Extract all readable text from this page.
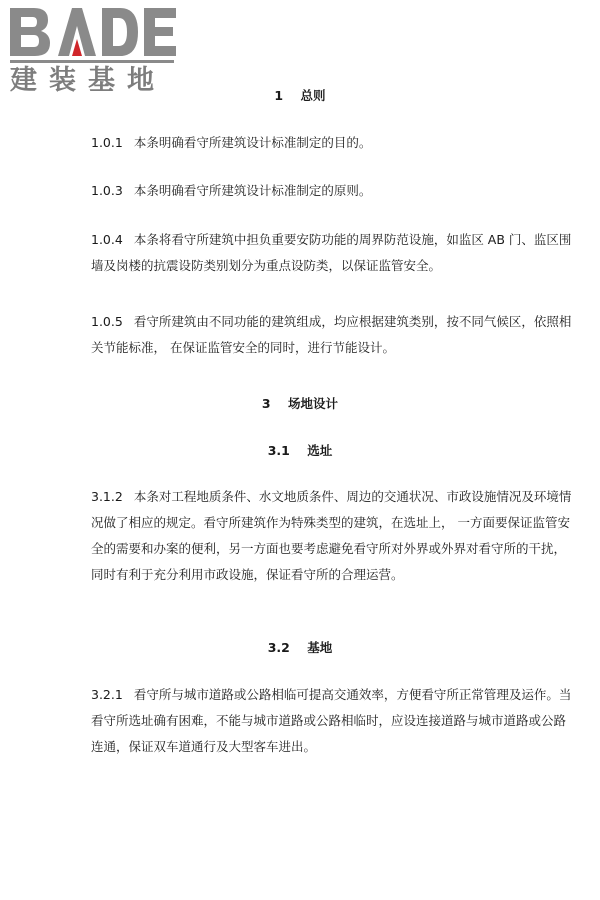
建装基地	1 总则
1.0.1 本条明确看守所建筑设计标准制定的目的。
1.0.3 本条明确看守所建筑设计标准制定的原则。
1.0.4 本条将看守所建筑中担负重要安防功能的周界防范设施，如监区 AB 门、监区围
墙及岗楼的抗震设防类别划分为重点设防类，以保证监管安全。
1.0.5 看守所建筑由不同功能的建筑组成，均应根据建筑类别，按不同气候区，依照相
关节能标准， 在保证监管安全的同时，进行节能设计。
3 场地设计
3.1 选址
3.1.2 本条对工程地质条件、水文地质条件、周边的交通状况、市政设施情况及环境情
况做了相应的规定。看守所建筑作为特殊类型的建筑，在选址上， 一方面要保证监管安
全的需要和办案的便利，另一方面也要考虑避免看守所对外界或外界对看守所的干扰，
同时有利于充分利用市政设施，保证看守所的合理运营。
3.2 基地
3.2.1 看守所与城市道路或公路相临可提高交通效率，方便看守所正常管理及运作。当
看守所选址确有困难，不能与城市道路或公路相临时，应设连接道路与城市道路或公路
连通，保证双车道通行及大型客车进出。
